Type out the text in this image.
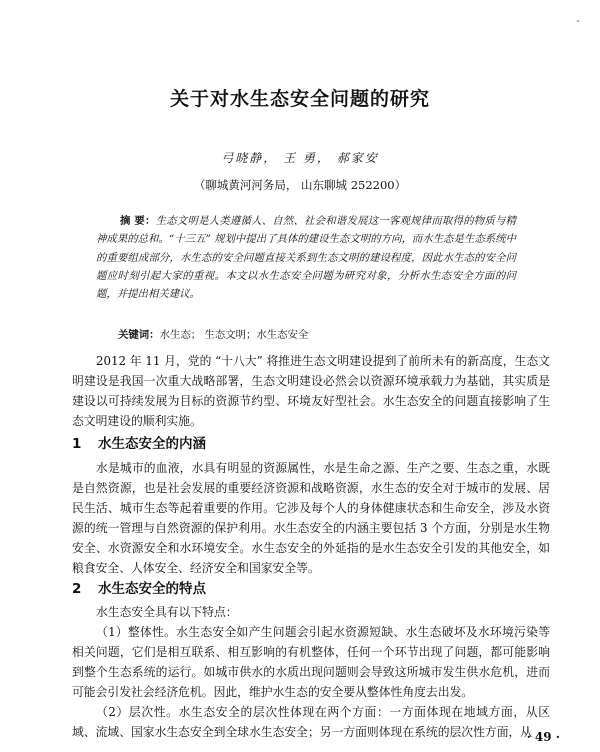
-
关于对水生态安全问题的研究
弓晓静， 王 勇， 郝家安
（聊城黄河河务局， 山东聊城 252200）
摘 要：生态文明是人类遵循人、自然、社会和谐发展这一客观规律而取得的物质与精神成果的总和。“十三五” 规划中提出了具体的建设生态文明的方向，而水生态是生态系统中的重要组成部分，水生态的安全问题直接关系到生态文明的建设程度，因此水生态的安全问题应时刻引起大家的重视。本文以水生态安全问题为研究对象，分析水生态安全方面的问题，并提出相关建议。
关键词：水生态； 生态文明；水生态安全

2012 年 11 月，党的 “十八大” 将推进生态文明建设提到了前所未有的新高度，生态文明建设是我国一次重大战略部署，生态文明建设必然会以资源环境承载力为基础，其实质是建设以可持续发展为目标的资源节约型、环境友好型社会。水生态安全的问题直接影响了生态文明建设的顺利实施。

1 水生态安全的内涵

水是城市的血液，水具有明显的资源属性，水是生命之源、生产之要、生态之重，水既是自然资源，也是社会发展的重要经济资源和战略资源，水生态的安全对于城市的发展、居民生活、城市生态等起着重要的作用。它涉及每个人的身体健康状态和生命安全，涉及水资源的统一管理与自然资源的保护利用。水生态安全的内涵主要包括 3 个方面，分别是水生物安全、水资源安全和水环境安全。水生态安全的外延指的是水生态安全引发的其他安全，如粮食安全、人体安全、经济安全和国家安全等。

2 水生态安全的特点

水生态安全具有以下特点：

（1）整体性。水生态安全如产生问题会引起水资源短缺、水生态破坏及水环境污染等相关问题，它们是相互联系、相互影响的有机整体，任何一个环节出现了问题，都可能影响到整个生态系统的运行。如城市供水的水质出现问题则会导致这所城市发生供水危机，进而可能会引发社会经济危机。因此，维护水生态的安全要从整体性角度去出发。

（2）层次性。水生态安全的层次性体现在两个方面：一方面体现在地域方面，从区域、流域、国家水生态安全到全球水生态安全；另一方面则体现在系统的层次性方面，从

· 49 ·
